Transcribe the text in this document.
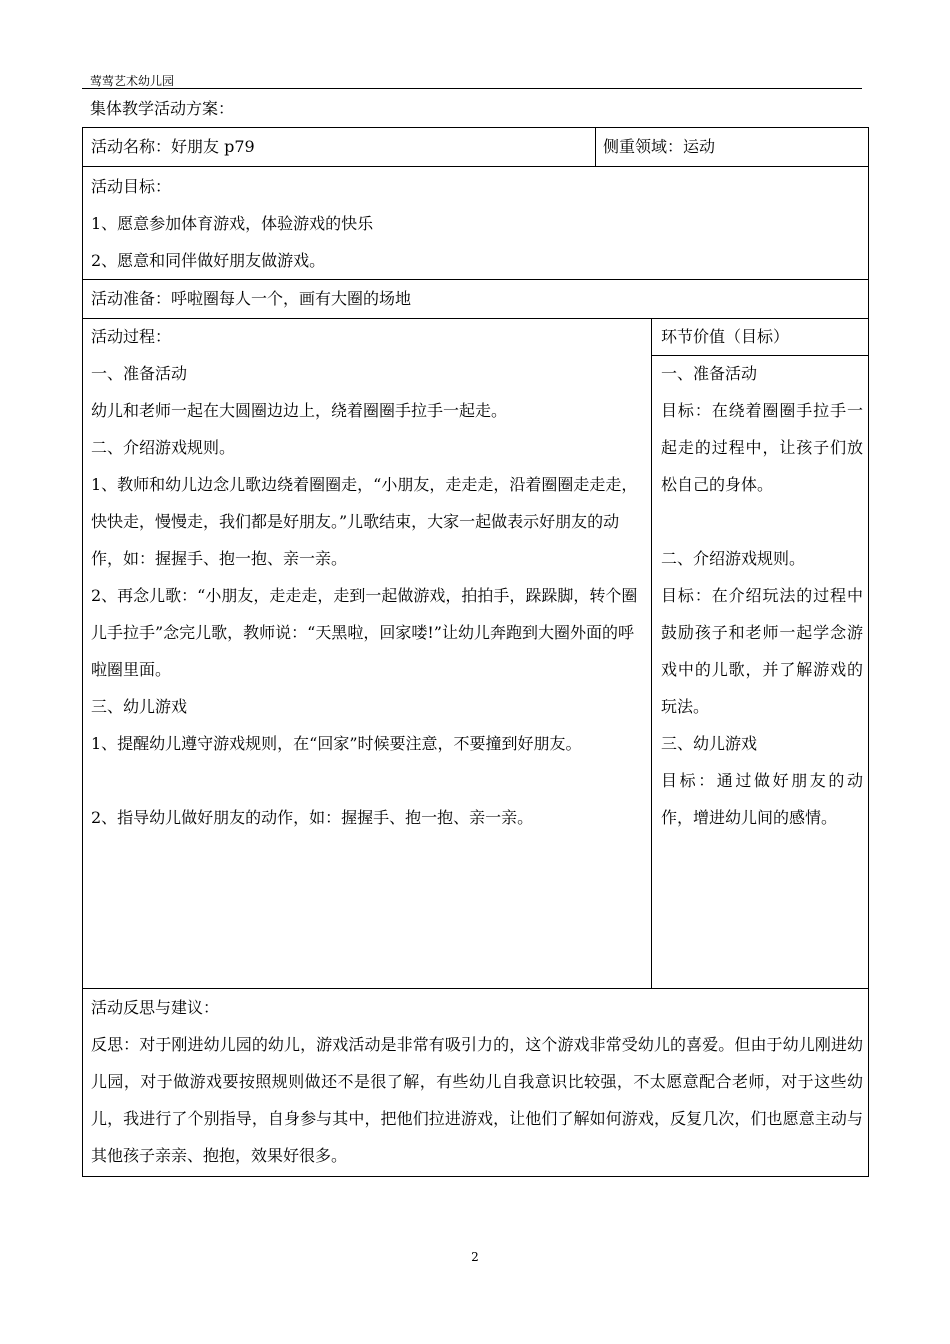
莺莺艺术幼儿园
集体教学活动方案：
活动名称：好朋友 p79	侧重领域：运动
活动目标：
1、愿意参加体育游戏，体验游戏的快乐
2、愿意和同伴做好朋友做游戏。
活动准备：呼啦圈每人一个，画有大圈的场地
活动过程：
一、准备活动
幼儿和老师一起在大圆圈边边上，绕着圈圈手拉手一起走。
二、介绍游戏规则。
1、教师和幼儿边念儿歌边绕着圈圈走，“小朋友，走走走，沿着圈圈走走走，快快走，慢慢走，我们都是好朋友。”儿歌结束，大家一起做表示好朋友的动作，如：握握手、抱一抱、亲一亲。
2、再念儿歌：“小朋友，走走走，走到一起做游戏，拍拍手，跺跺脚，转个圈儿手拉手”念完儿歌，教师说：“天黑啦，回家喽!”让幼儿奔跑到大圈外面的呼啦圈里面。
三、幼儿游戏
1、提醒幼儿遵守游戏规则，在“回家”时候要注意，不要撞到好朋友。
2、指导幼儿做好朋友的动作，如：握握手、抱一抱、亲一亲。
环节价值（目标）
一、准备活动
目标：在绕着圈圈手拉手一起走的过程中，让孩子们放松自己的身体。
二、介绍游戏规则。
目标：在介绍玩法的过程中鼓励孩子和老师一起学念游戏中的儿歌，并了解游戏的玩法。
三、幼儿游戏
目标：通过做好朋友的动作，增进幼儿间的感情。
活动反思与建议：
反思：对于刚进幼儿园的幼儿，游戏活动是非常有吸引力的，这个游戏非常受幼儿的喜爱。但由于幼儿刚进幼儿园，对于做游戏要按照规则做还不是很了解，有些幼儿自我意识比较强，不太愿意配合老师，对于这些幼儿，我进行了个别指导，自身参与其中，把他们拉进游戏，让他们了解如何游戏，反复几次，们也愿意主动与其他孩子亲亲、抱抱，效果好很多。
2
